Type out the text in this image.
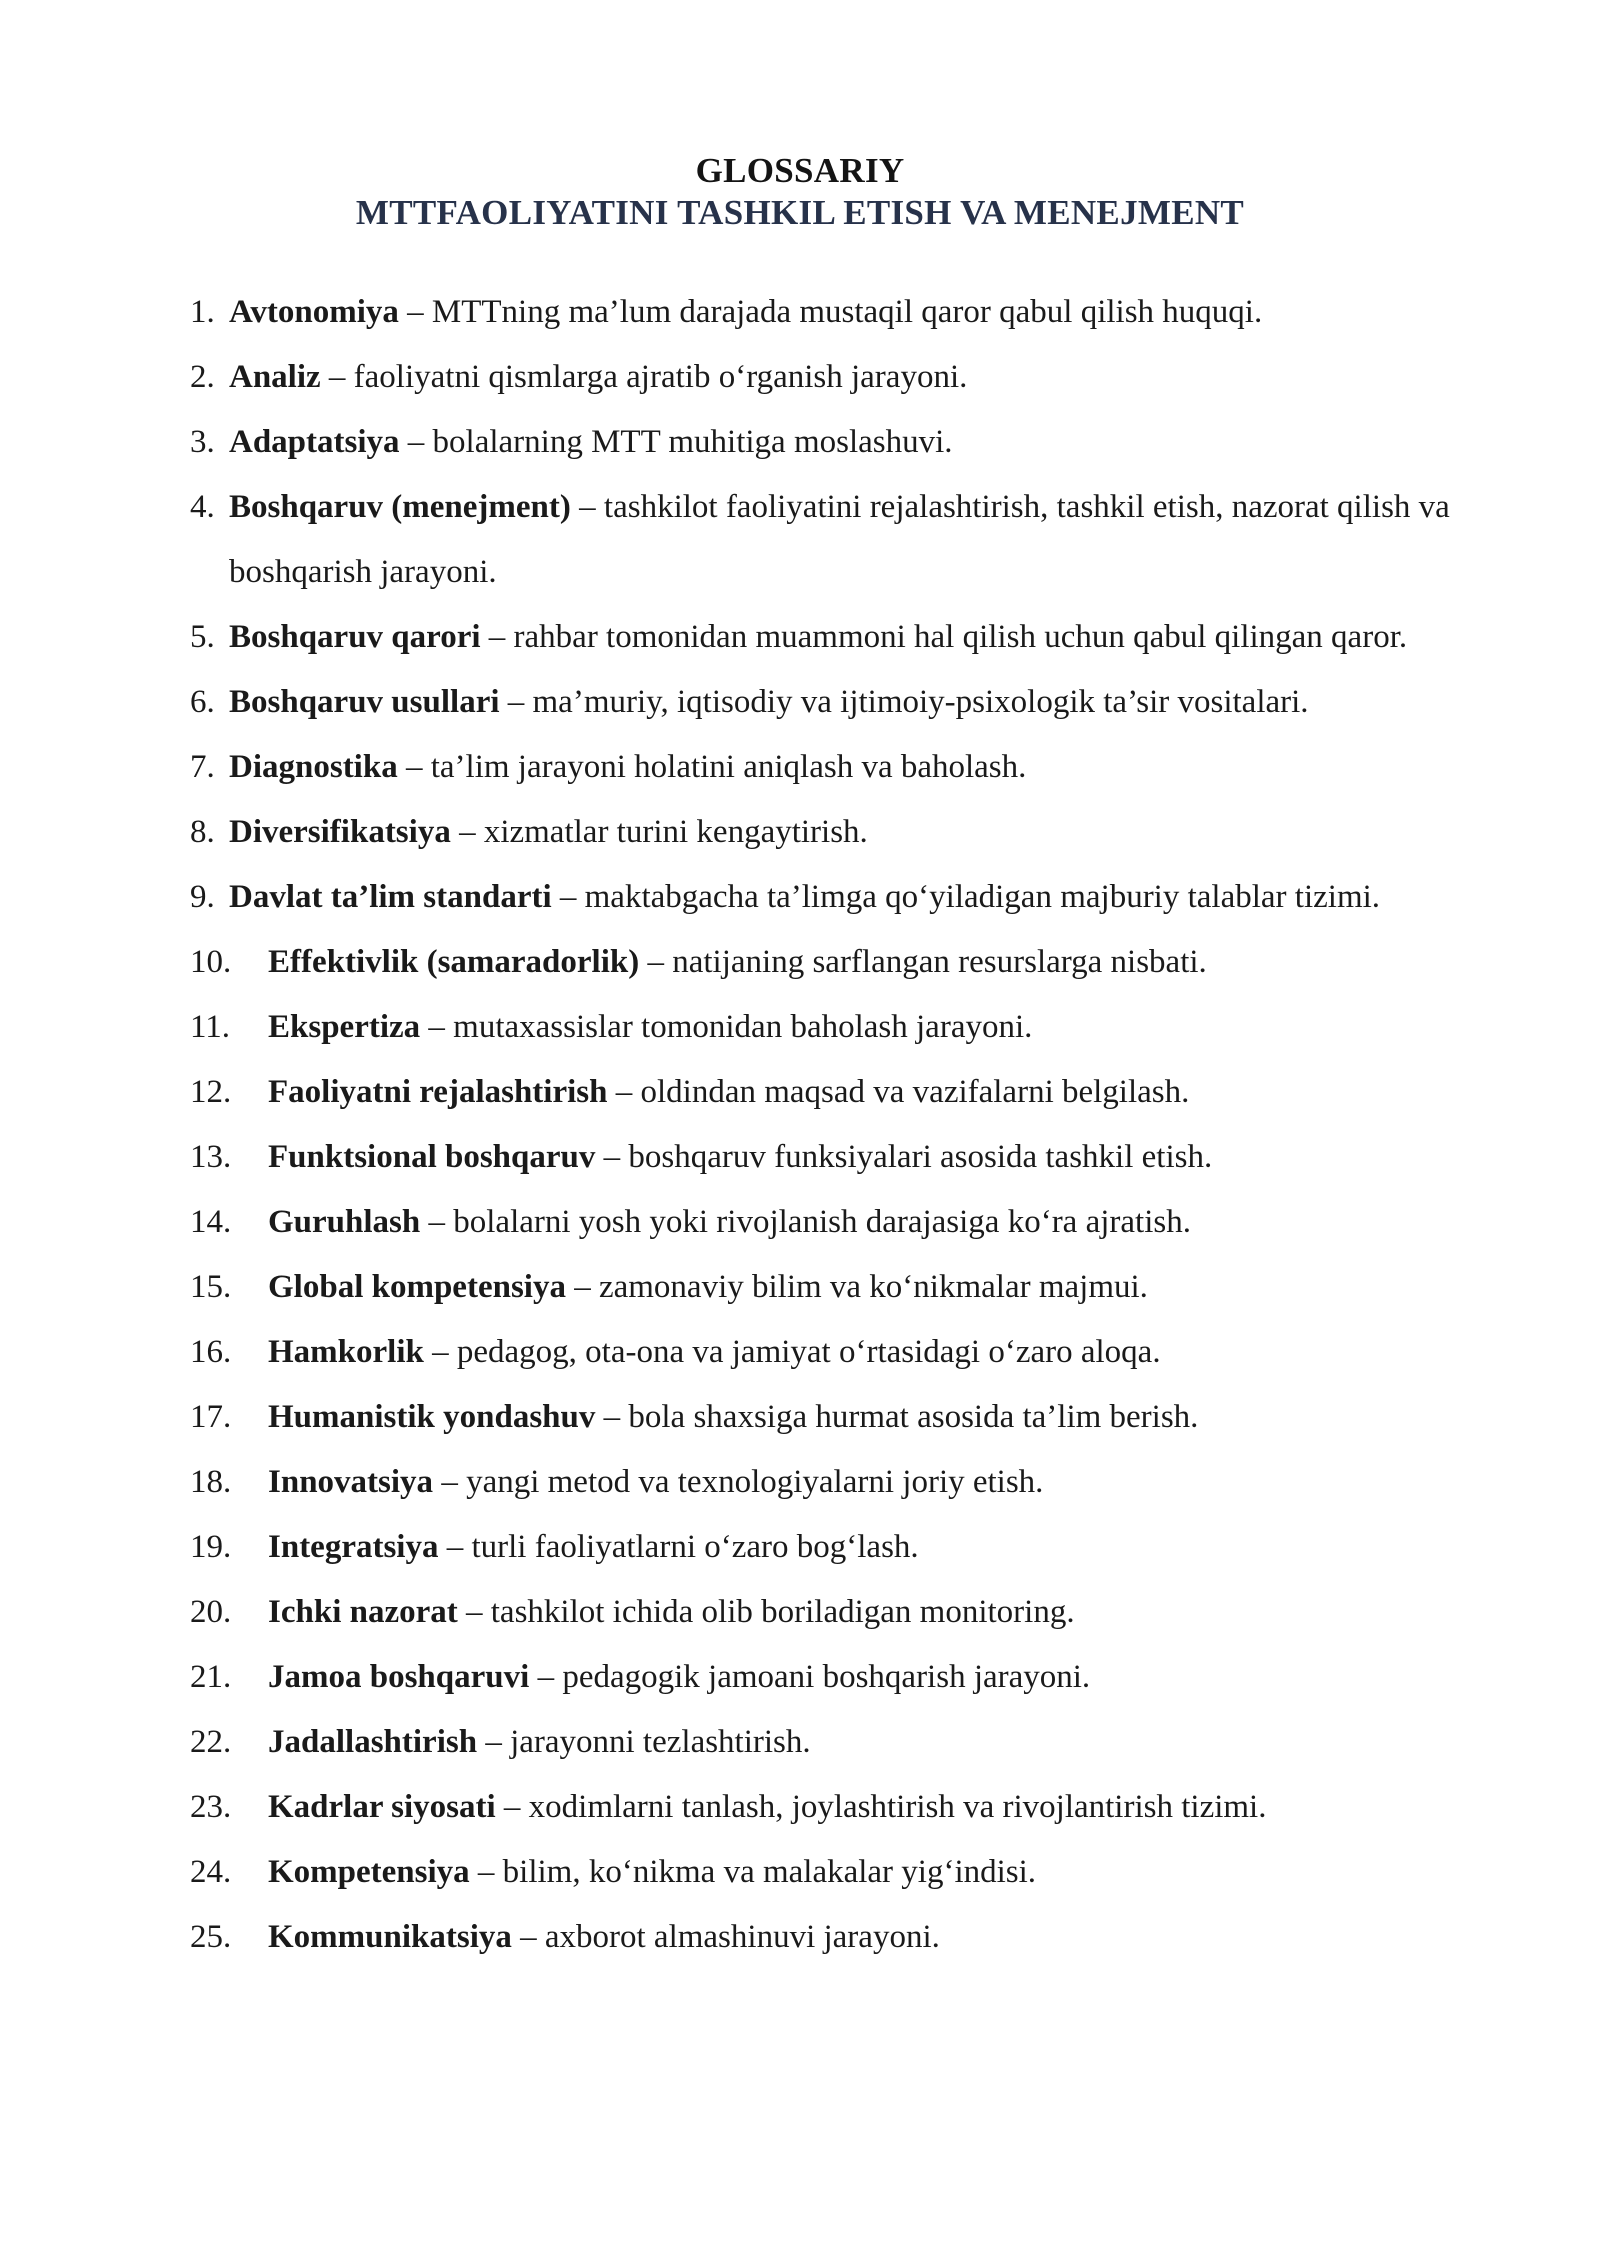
GLOSSARIY
MTTFAOLIYATINI TASHKIL ETISH VA MENEJMENT
1. Avtonomiya – MTTning ma’lum darajada mustaqil qaror qabul qilish huquqi.
2. Analiz – faoliyatni qismlarga ajratib o‘rganish jarayoni.
3. Adaptatsiya – bolalarning MTT muhitiga moslashuvi.
4. Boshqaruv (menejment) – tashkilot faoliyatini rejalashtirish, tashkil etish, nazorat qilish va boshqarish jarayoni.
5. Boshqaruv qarori – rahbar tomonidan muammoni hal qilish uchun qabul qilingan qaror.
6. Boshqaruv usullari – ma’muriy, iqtisodiy va ijtimoiy-psixologik ta’sir vositalari.
7. Diagnostika – ta’lim jarayoni holatini aniqlash va baholash.
8. Diversifikatsiya – xizmatlar turini kengaytirish.
9. Davlat ta’lim standarti – maktabgacha ta’limga qo‘yiladigan majburiy talablar tizimi.
10.	Effektivlik (samaradorlik) – natijaning sarflangan resurslarga nisbati.
11.	Ekspertiza – mutaxassislar tomonidan baholash jarayoni.
12.	Faoliyatni rejalashtirish – oldindan maqsad va vazifalarni belgilash.
13.	Funktsional boshqaruv – boshqaruv funksiyalari asosida tashkil etish.
14.	Guruhlash – bolalarni yosh yoki rivojlanish darajasiga ko‘ra ajratish.
15.	Global kompetensiya – zamonaviy bilim va ko‘nikmalar majmui.
16.	Hamkorlik – pedagog, ota-ona va jamiyat o‘rtasidagi o‘zaro aloqa.
17.	Humanistik yondashuv – bola shaxsiga hurmat asosida ta’lim berish.
18.	Innovatsiya – yangi metod va texnologiyalarni joriy etish.
19.	Integratsiya – turli faoliyatlarni o‘zaro bog‘lash.
20.	Ichki nazorat – tashkilot ichida olib boriladigan monitoring.
21.	Jamoa boshqaruvi – pedagogik jamoani boshqarish jarayoni.
22.	Jadallashtirish – jarayonni tezlashtirish.
23.	Kadrlar siyosati – xodimlarni tanlash, joylashtirish va rivojlantirish tizimi.
24.	Kompetensiya – bilim, ko‘nikma va malakalar yig‘indisi.
25.	Kommunikatsiya – axborot almashinuvi jarayoni.
